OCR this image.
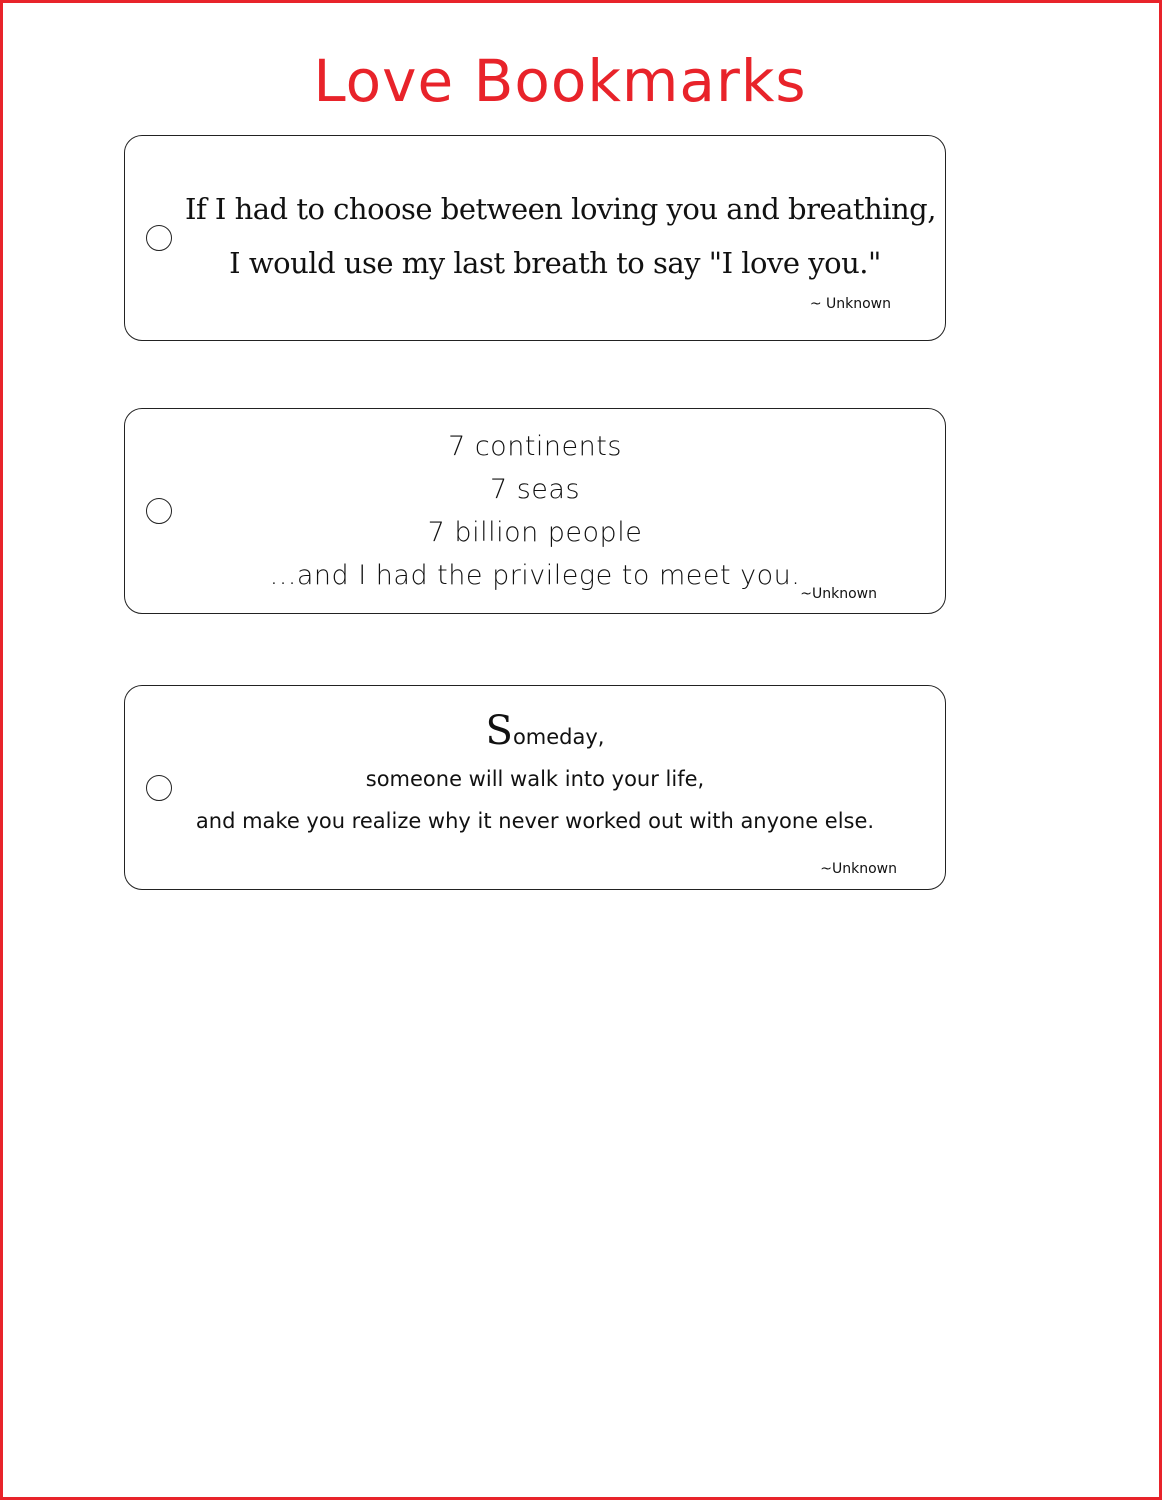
Love Bookmarks
If I had to choose between loving you and breathing,
I would use my last breath to say "I love you."
~ Unknown
7 continents
7 seas
7 billion people
...and I had the privilege to meet you.
~Unknown
Someday,
someone will walk into your life,
and make you realize why it never worked out with anyone else.
~Unknown
